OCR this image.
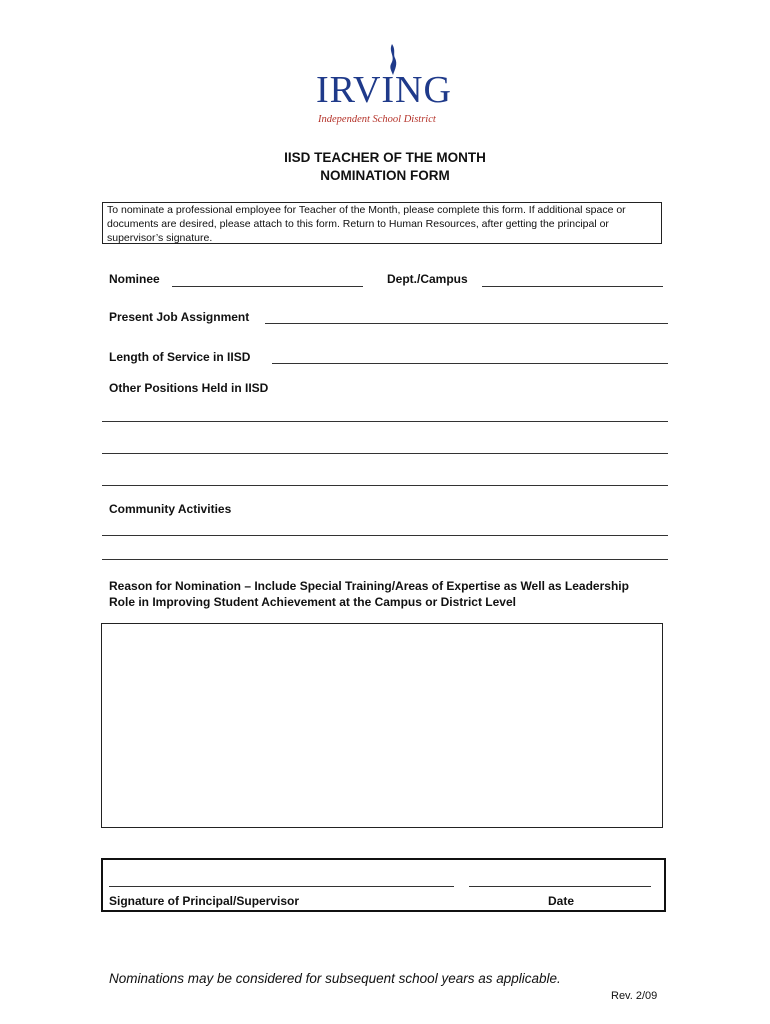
IRVING
Independent School District
IISD TEACHER OF THE MONTH
NOMINATION FORM
To nominate a professional employee for Teacher of the Month, please complete this form. If additional space or documents are desired, please attach to this form. Return to Human Resources, after getting the principal or supervisor’s signature.
Nominee	Dept./Campus
Present Job Assignment
Length of Service in IISD
Other Positions Held in IISD
Community Activities
Reason for Nomination – Include Special Training/Areas of Expertise as Well as Leadership
Role in Improving Student Achievement at the Campus or District Level
Signature of Principal/Supervisor	Date
Nominations may be considered for subsequent school years as applicable.
Rev. 2/09
